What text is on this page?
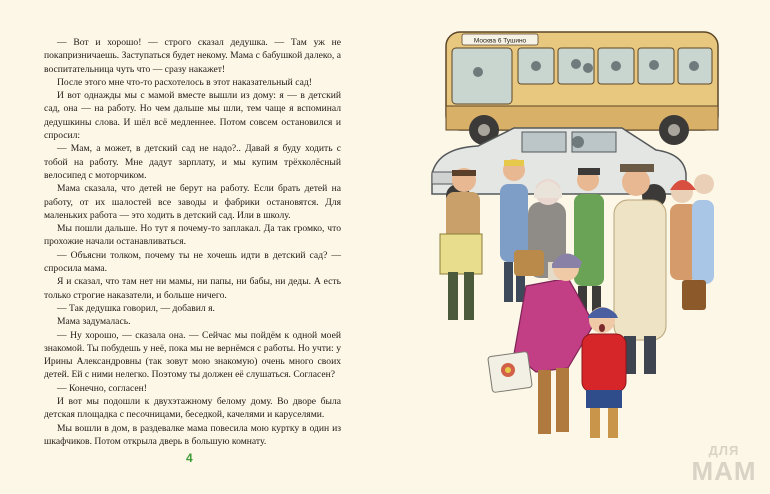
— Вот и хорошо! — строго сказал дедушка. — Там уж не покапризничаешь. Заступаться будет некому. Мама с бабушкой далеко, а воспитательница чуть что — сразу накажет!

После этого мне что-то расхотелось в этот наказательный сад!

И вот однажды мы с мамой вместе вышли из дому: я — в детский сад, она — на работу. Но чем дальше мы шли, тем чаще я вспоминал дедушкины слова. И шёл всё медленнее. Потом совсем остановился и спросил:

— Мам, а может, в детский сад не надо?.. Давай я буду ходить с тобой на работу. Мне дадут зарплату, и мы купим трёхколёсный велосипед с моторчиком.

Мама сказала, что детей не берут на работу. Если брать детей на работу, от их шалостей все заводы и фабрики остановятся. Для маленьких работа — это ходить в детский сад. Или в школу.

Мы пошли дальше. Но тут я почему-то заплакал. Да так громко, что прохожие начали останавливаться.

— Объясни толком, почему ты не хочешь идти в детский сад? — спросила мама.

Я и сказал, что там нет ни мамы, ни папы, ни бабы, ни деды. А есть только строгие наказатели, и больше ничего.

— Так дедушка говорил, — добавил я.

Мама задумалась.

— Ну хорошо, — сказала она. — Сейчас мы пойдём к одной моей знакомой. Ты побудешь у неё, пока мы не вернёмся с работы. Но учти: у Ирины Александровны (так зовут мою знакомую) очень много своих детей. Ей с ними нелегко. Поэтому ты должен её слушаться. Согласен?

— Конечно, согласен!

И вот мы подошли к двухэтажному белому дому. Во дворе была детская площадка с песочницами, беседкой, качелями и каруселями.

Мы вошли в дом, в раздевалке мама повесила мою куртку в один из шкафчиков. Потом открыла дверь в большую комнату.

4
Москва 6 Тушино
ДЛЯ
МАМ
